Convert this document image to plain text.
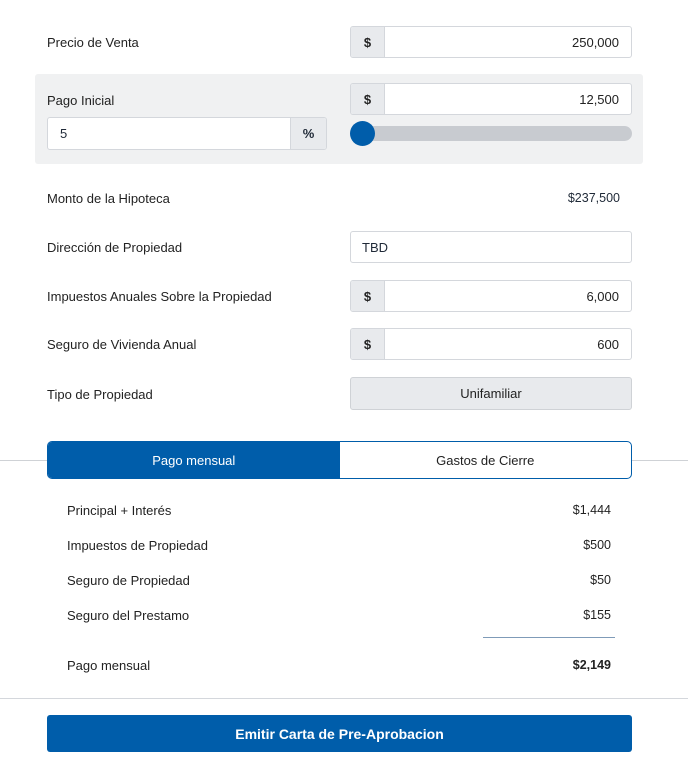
Precio de Venta	$	250,000
Pago Inicial	$	12,500
5	%
Monto de la Hipoteca	$237,500
Dirección de Propiedad	TBD
Impuestos Anuales Sobre la Propiedad	$	6,000
Seguro de Vivienda Anual	$	600
Tipo de Propiedad	Unifamiliar
Pago mensual	Gastos de Cierre
Principal + Interés	$1,444
Impuestos de Propiedad	$500
Seguro de Propiedad	$50
Seguro del Prestamo	$155
Pago mensual	$2,149
Emitir Carta de Pre-Aprobacion
